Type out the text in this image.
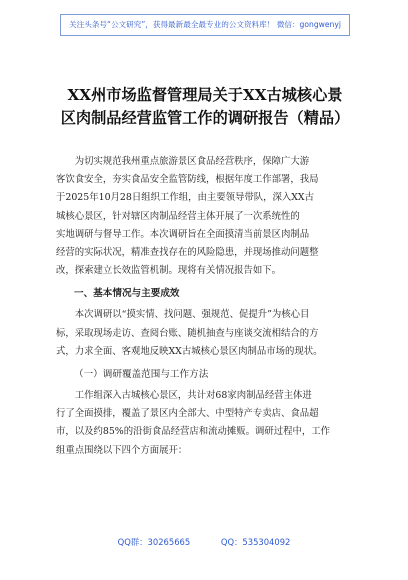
关注头条号“公文研究”，获得最新最全最专业的公文资料库！ 微信：gongwenyj
XX州市场监督管理局关于XX古城核心景
区肉制品经营监管工作的调研报告（精品）

为切实规范我州重点旅游景区食品经营秩序，保障广大游
客饮食安全，夯实食品安全监管防线，根据年度工作部署，我局
于2025年10月28日组织工作组，由主要领导带队，深入XX古
城核心景区，针对辖区肉制品经营主体开展了一次系统性的
实地调研与督导工作。本次调研旨在全面摸清当前景区肉制品
经营的实际状况，精准查找存在的风险隐患，并现场推动问题整
改，探索建立长效监管机制。现将有关情况报告如下。

一、基本情况与主要成效

本次调研以“摸实情、找问题、强规范、促提升”为核心目
标，采取现场走访、查阅台账、随机抽查与座谈交流相结合的方
式，力求全面、客观地反映XX古城核心景区肉制品市场的现状。

（一）调研覆盖范围与工作方法

工作组深入古城核心景区，共计对68家肉制品经营主体进
行了全面摸排，覆盖了景区内全部大、中型特产专卖店、食品超
市，以及约85%的沿街食品经营店和流动摊贩。调研过程中，工作
组重点围绕以下四个方面展开：

QQ群：30265665	QQ：535304092
